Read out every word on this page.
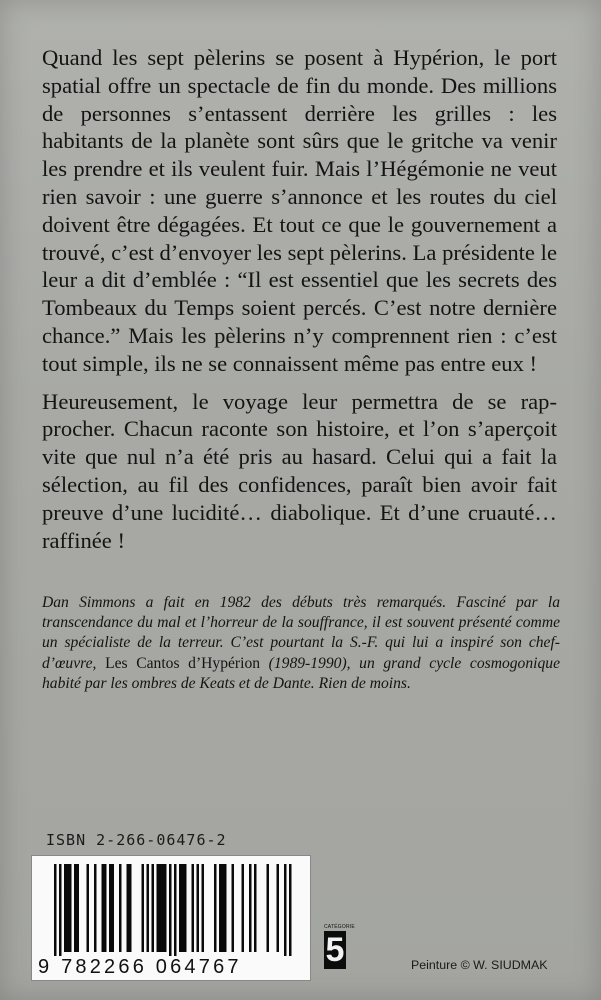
Quand les sept pèlerins se posent à Hypérion, le port spatial offre un spectacle de fin du monde. Des millions de personnes s’entassent derrière les grilles : les habitants de la planète sont sûrs que le gritche va venir les prendre et ils veulent fuir. Mais l’Hégémonie ne veut rien savoir : une guerre s’annonce et les routes du ciel doivent être dégagées. Et tout ce que le gouvernement a trouvé, c’est d’envoyer les sept pèlerins. La présidente le leur a dit d’emblée : “Il est essentiel que les secrets des Tombeaux du Temps soient percés. C’est notre dernière chance.” Mais les pèlerins n’y comprennent rien : c’est tout simple, ils ne se connaissent même pas entre eux !

Heureusement, le voyage leur permettra de se rapprocher. Chacun raconte son histoire, et l’on s’aperçoit vite que nul n’a été pris au hasard. Celui qui a fait la sélection, au fil des confidences, paraît bien avoir fait preuve d’une lucidité… diabolique. Et d’une cruauté… raffinée !

Dan Simmons a fait en 1982 des débuts très remarqués. Fasciné par la transcendance du mal et l’horreur de la souffrance, il est souvent présenté comme un spécialiste de la terreur. C’est pourtant la S.-F. qui lui a inspiré son chef-d’œuvre, Les Cantos d’Hypérion (1989-1990), un grand cycle cosmogonique habité par les ombres de Keats et de Dante. Rien de moins.
ISBN 2-266-06476-2
9 782266 064767
CATÉGORIE
5	Peinture © W. SIUDMAK
